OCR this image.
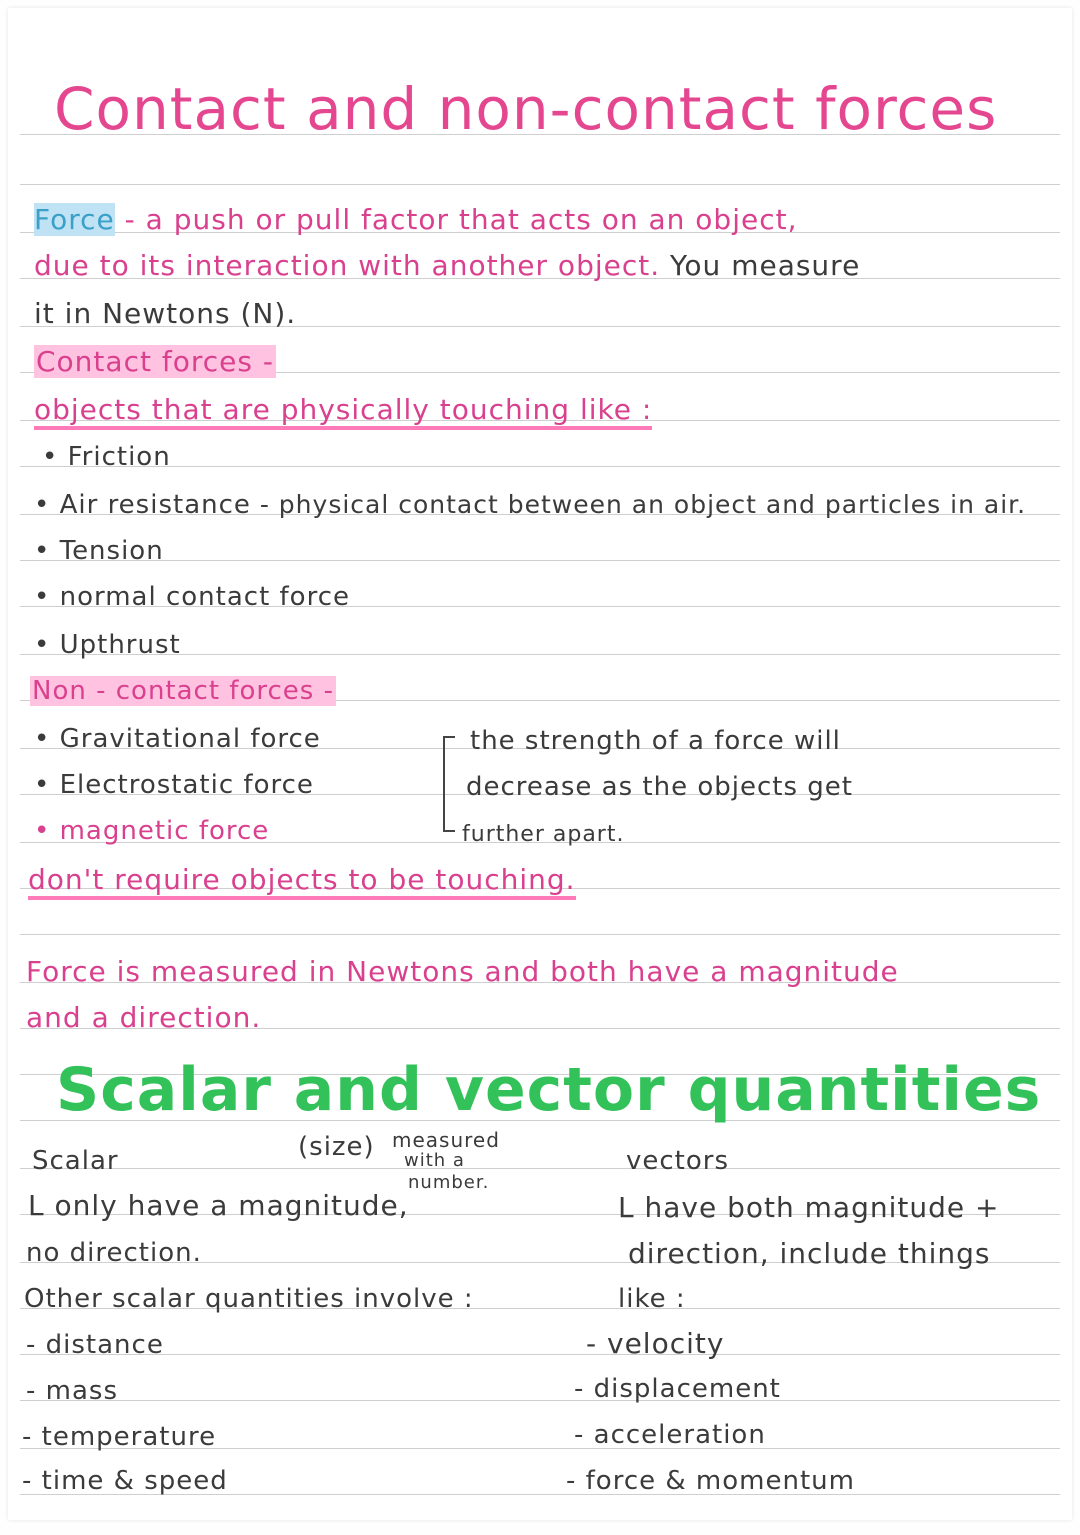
Contact and non-contact forces
Force - a push or pull factor that acts on an object,
due to its interaction with another object. You measure
it in Newtons (N).
Contact forces -
objects that are physically touching like :
• Friction
• Air resistance - physical contact between an object and particles in air.
• Tension
• normal contact force
• Upthrust
Non - contact forces -
• Gravitational force
• Electrostatic force
• magnetic force
the strength of a force will
decrease as the objects get
further apart.
don't require objects to be touching.
Force is measured in Newtons and both have a magnitude
and a direction.
Scalar and vector quantities
Scalar	(size) measured
with a
number.
L only have a magnitude,
no direction.
Other scalar quantities involve :
- distance
- mass
- temperature
- time & speed
vectors
L have both magnitude +
direction, include things
like :
- velocity
- displacement
- acceleration
- force & momentum
